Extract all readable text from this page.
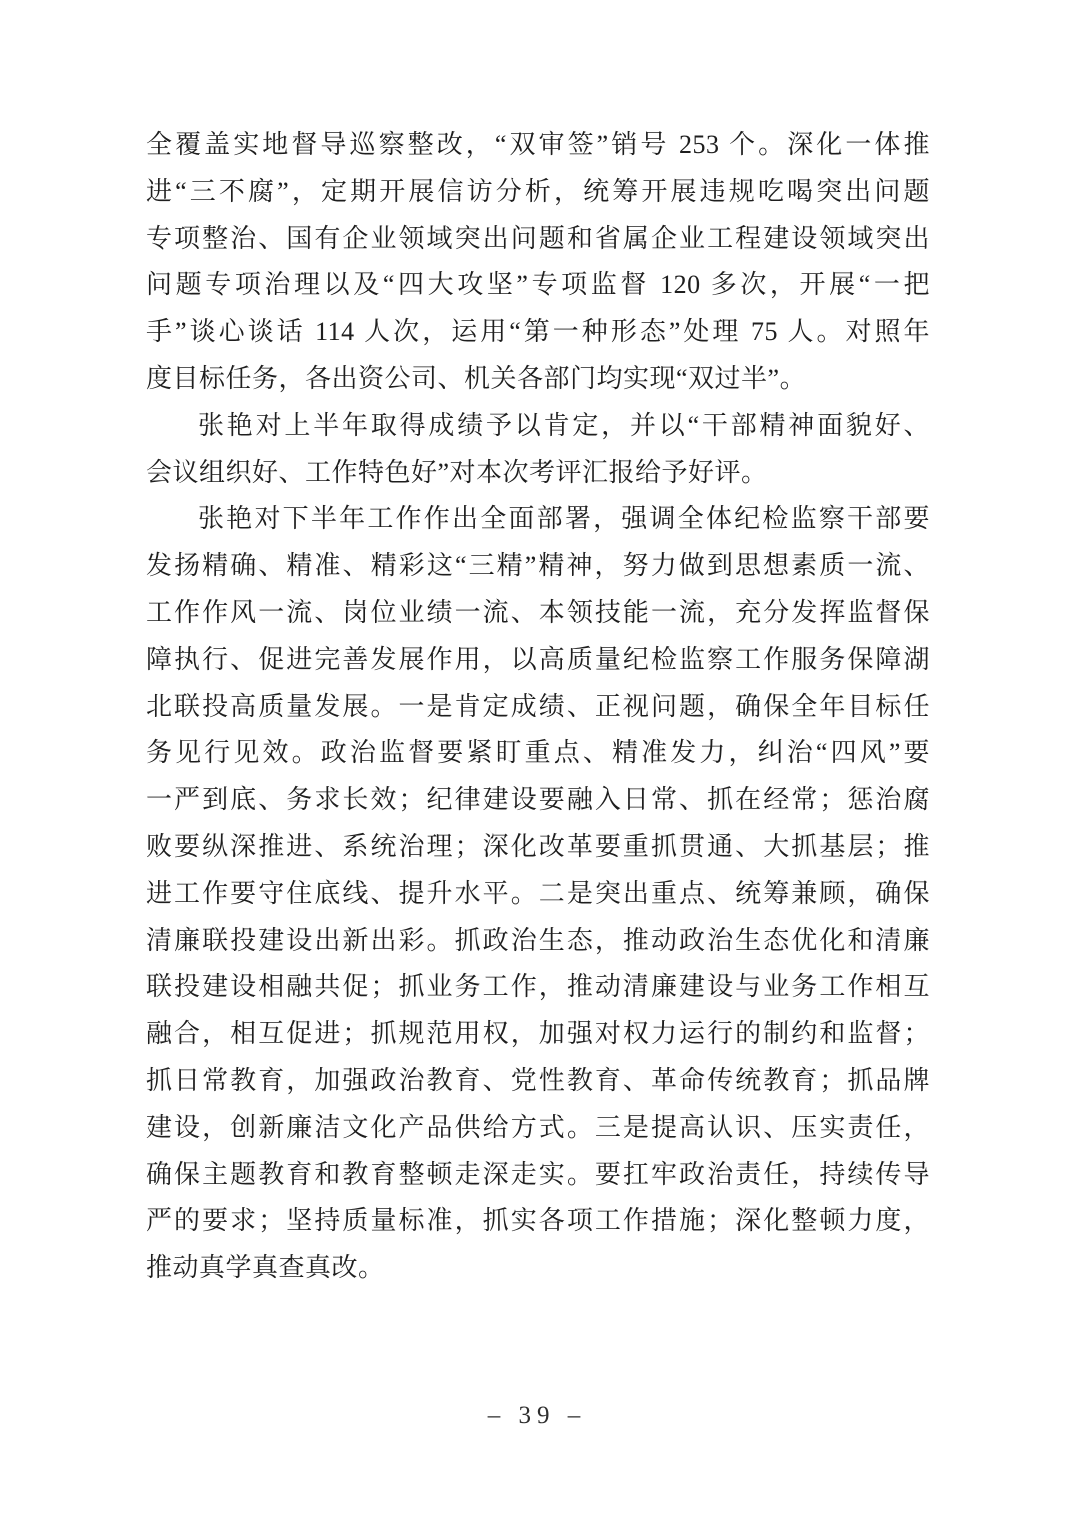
全覆盖实地督导巡察整改，“双审签”销号 253 个。深化一体推
进“三不腐”，定期开展信访分析，统筹开展违规吃喝突出问题
专项整治、国有企业领域突出问题和省属企业工程建设领域突出
问题专项治理以及“四大攻坚”专项监督 120 多次，开展“一把
手”谈心谈话 114 人次，运用“第一种形态”处理 75 人。对照年
度目标任务，各出资公司、机关各部门均实现“双过半”。
张艳对上半年取得成绩予以肯定，并以“干部精神面貌好、
会议组织好、工作特色好”对本次考评汇报给予好评。
张艳对下半年工作作出全面部署，强调全体纪检监察干部要
发扬精确、精准、精彩这“三精”精神，努力做到思想素质一流、
工作作风一流、岗位业绩一流、本领技能一流，充分发挥监督保
障执行、促进完善发展作用，以高质量纪检监察工作服务保障湖
北联投高质量发展。一是肯定成绩、正视问题，确保全年目标任
务见行见效。政治监督要紧盯重点、精准发力，纠治“四风”要
一严到底、务求长效；纪律建设要融入日常、抓在经常；惩治腐
败要纵深推进、系统治理；深化改革要重抓贯通、大抓基层；推
进工作要守住底线、提升水平。二是突出重点、统筹兼顾，确保
清廉联投建设出新出彩。抓政治生态，推动政治生态优化和清廉
联投建设相融共促；抓业务工作，推动清廉建设与业务工作相互
融合，相互促进；抓规范用权，加强对权力运行的制约和监督；
抓日常教育，加强政治教育、党性教育、革命传统教育；抓品牌
建设，创新廉洁文化产品供给方式。三是提高认识、压实责任，
确保主题教育和教育整顿走深走实。要扛牢政治责任，持续传导
严的要求；坚持质量标准，抓实各项工作措施；深化整顿力度，
推动真学真查真改。
– 39 –
